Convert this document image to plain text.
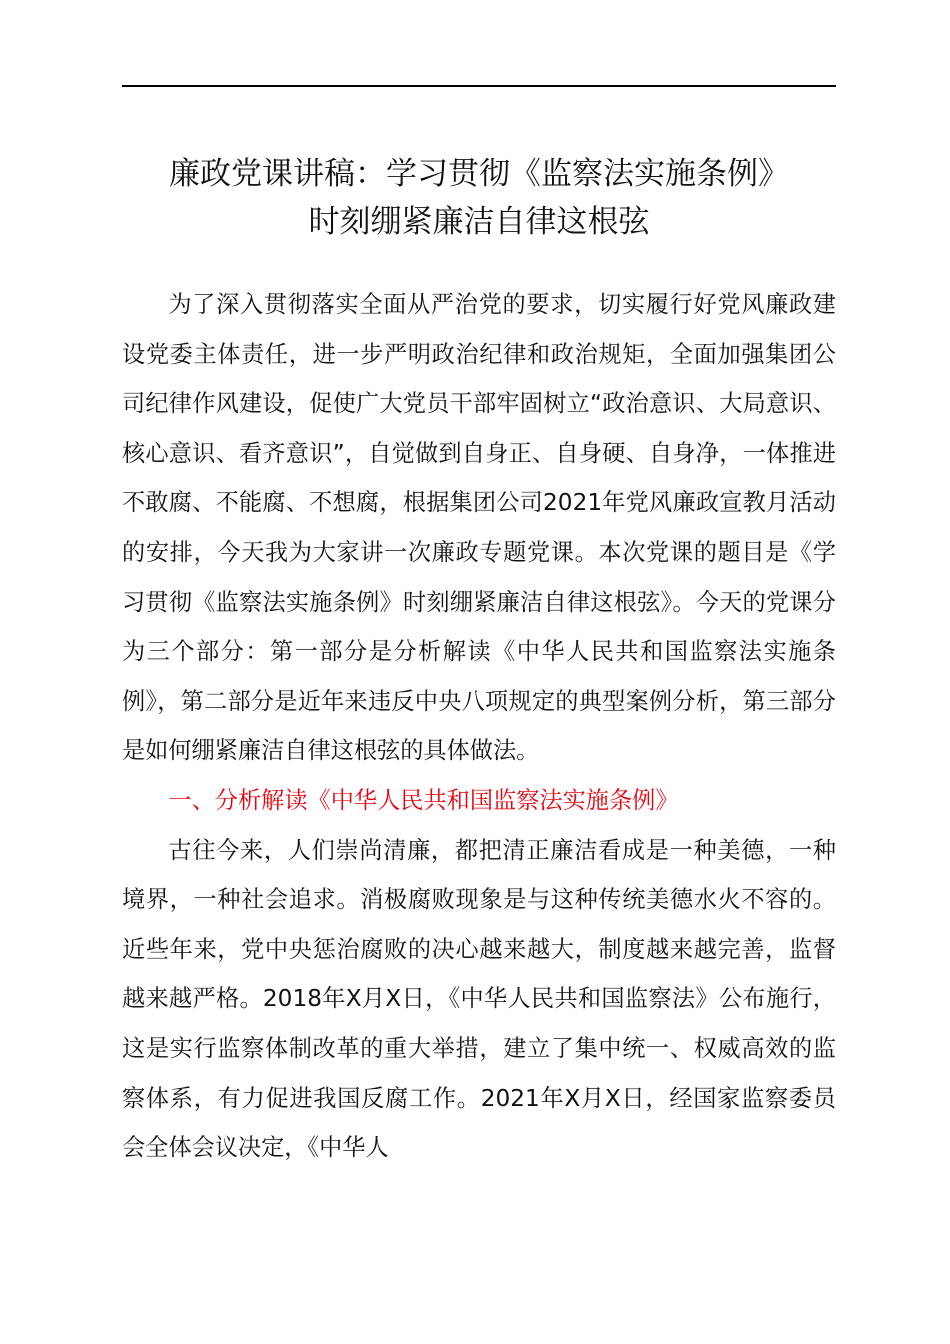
廉政党课讲稿：学习贯彻《监察法实施条例》
时刻绷紧廉洁自律这根弦

为了深入贯彻落实全面从严治党的要求，切实履行好党风廉政建设党委主体责任，进一步严明政治纪律和政治规矩，全面加强集团公司纪律作风建设，促使广大党员干部牢固树立“政治意识、大局意识、核心意识、看齐意识”，自觉做到自身正、自身硬、自身净，一体推进不敢腐、不能腐、不想腐，根据集团公司2021年党风廉政宣教月活动的安排，今天我为大家讲一次廉政专题党课。本次党课的题目是《学习贯彻《监察法实施条例》时刻绷紧廉洁自律这根弦》。今天的党课分为三个部分：第一部分是分析解读《中华人民共和国监察法实施条例》，第二部分是近年来违反中央八项规定的典型案例分析，第三部分是如何绷紧廉洁自律这根弦的具体做法。

一、分析解读《中华人民共和国监察法实施条例》

古往今来，人们崇尚清廉，都把清正廉洁看成是一种美德，一种境界，一种社会追求。消极腐败现象是与这种传统美德水火不容的。近些年来，党中央惩治腐败的决心越来越大，制度越来越完善，监督越来越严格。2018年X月X日，《中华人民共和国监察法》公布施行，这是实行监察体制改革的重大举措，建立了集中统一、权威高效的监察体系，有力促进我国反腐工作。2021年X月X日，经国家监察委员会全体会议决定，《中华人
